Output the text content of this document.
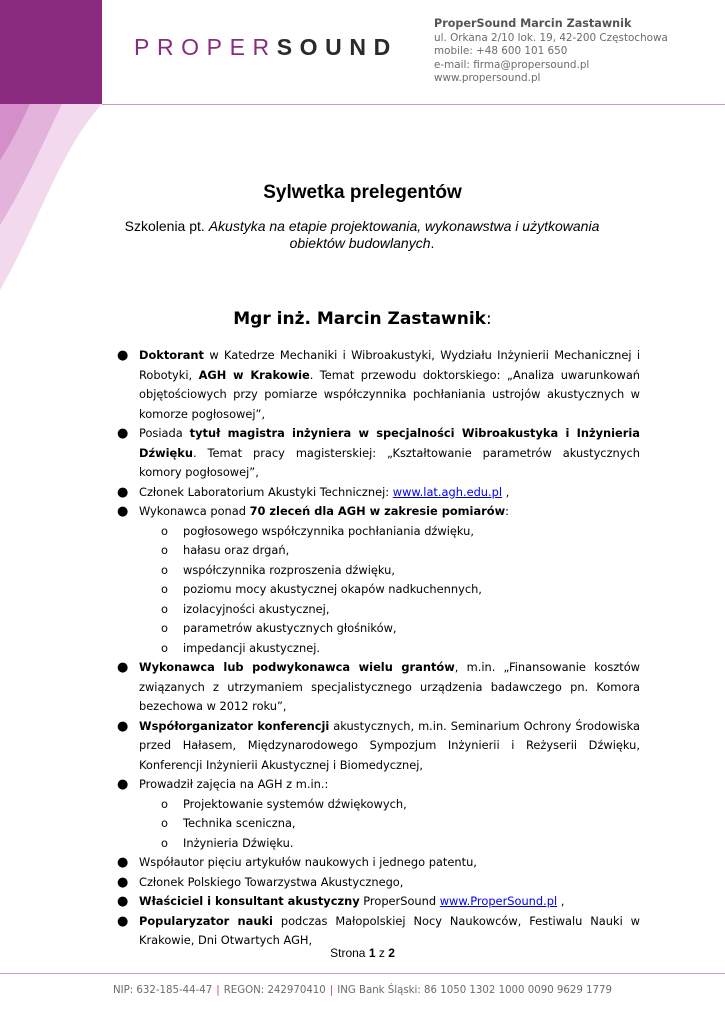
PROPERSOUND
ProperSound Marcin Zastawnik
ul. Orkana 2/10 lok. 19, 42-200 Częstochowa
mobile: +48 600 101 650
e-mail: firma@propersound.pl
www.propersound.pl
Sylwetka prelegentów

Szkolenia pt. Akustyka na etapie projektowania, wykonawstwa i użytkowania obiektów budowlanych.

Mgr inż. Marcin Zastawnik:
● Doktorant w Katedrze Mechaniki i Wibroakustyki, Wydziału Inżynierii Mechanicznej i Robotyki, AGH w Krakowie. Temat przewodu doktorskiego: „Analiza uwarunkowań objętościowych przy pomiarze współczynnika pochłaniania ustrojów akustycznych w komorze pogłosowej”,
● Posiada tytuł magistra inżyniera w specjalności Wibroakustyka i Inżynieria Dźwięku. Temat pracy magisterskiej: „Kształtowanie parametrów akustycznych komory pogłosowej”,
● Członek Laboratorium Akustyki Technicznej: www.lat.agh.edu.pl ,
● Wykonawca ponad 70 zleceń dla AGH w zakresie pomiarów:
o pogłosowego współczynnika pochłaniania dźwięku,
o hałasu oraz drgań,
o współczynnika rozproszenia dźwięku,
o poziomu mocy akustycznej okapów nadkuchennych,
o izolacyjności akustycznej,
o parametrów akustycznych głośników,
o impedancji akustycznej.
● Wykonawca lub podwykonawca wielu grantów, m.in. „Finansowanie kosztów związanych z utrzymaniem specjalistycznego urządzenia badawczego pn. Komora bezechowa w 2012 roku”,
● Współorganizator konferencji akustycznych, m.in. Seminarium Ochrony Środowiska przed Hałasem, Międzynarodowego Sympozjum Inżynierii i Reżyserii Dźwięku, Konferencji Inżynierii Akustycznej i Biomedycznej,
● Prowadził zajęcia na AGH z m.in.:
o Projektowanie systemów dźwiękowych,
o Technika sceniczna,
o Inżynieria Dźwięku.
● Współautor pięciu artykułów naukowych i jednego patentu,
● Członek Polskiego Towarzystwa Akustycznego,
● Właściciel i konsultant akustyczny ProperSound www.ProperSound.pl ,
● Popularyzator nauki podczas Małopolskiej Nocy Naukowców, Festiwalu Nauki w Krakowie, Dni Otwartych AGH,

Strona 1 z 2

NIP: 632-185-44-47 | REGON: 242970410 | ING Bank Śląski: 86 1050 1302 1000 0090 9629 1779
